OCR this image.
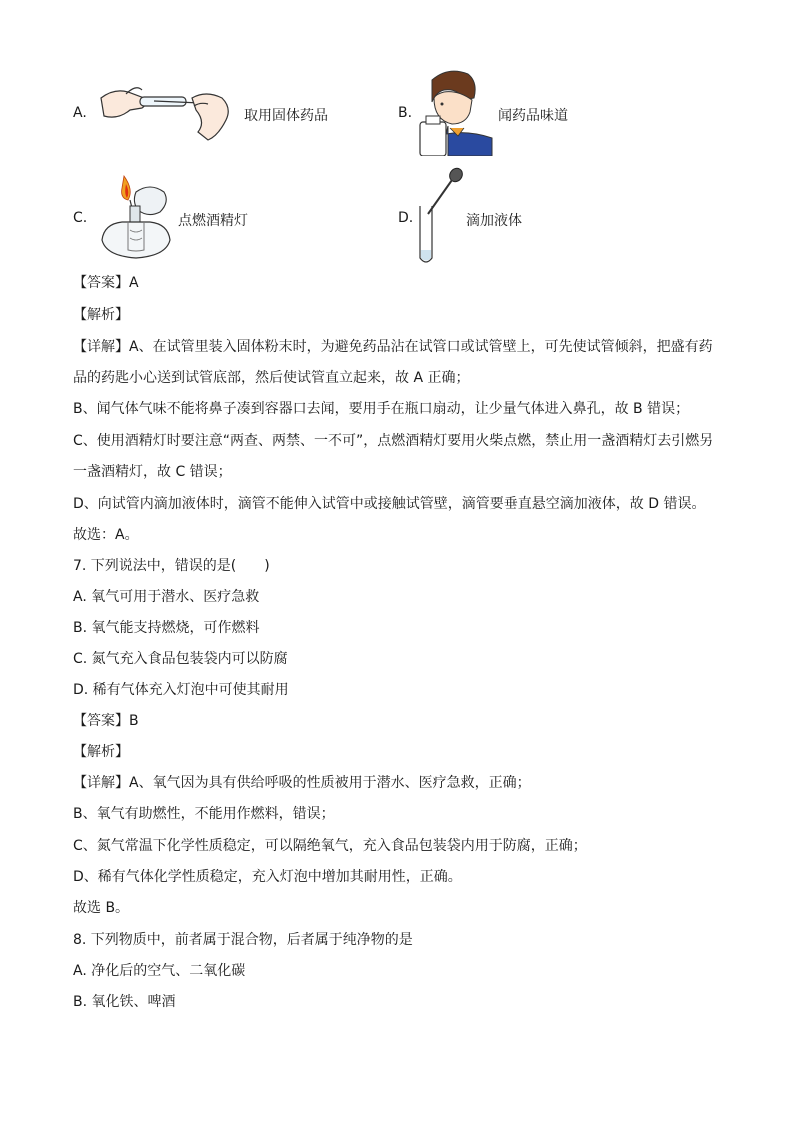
A.	取用固体药品	B.	闻药品味道
C.	点燃酒精灯	D.	滴加液体
【答案】A
【解析】
【详解】A、在试管里装入固体粉末时，为避免药品沾在试管口或试管壁上，可先使试管倾斜，把盛有药
品的药匙小心送到试管底部，然后使试管直立起来，故 A 正确；
B、闻气体气味不能将鼻子凑到容器口去闻，要用手在瓶口扇动，让少量气体进入鼻孔，故 B 错误；
C、使用酒精灯时要注意“两查、两禁、一不可”，点燃酒精灯要用火柴点燃，禁止用一盏酒精灯去引燃另
一盏酒精灯，故 C 错误；
D、向试管内滴加液体时，滴管不能伸入试管中或接触试管壁，滴管要垂直悬空滴加液体，故 D 错误。
故选：A。
7. 下列说法中，错误的是(　　)
A. 氧气可用于潜水、医疗急救
B. 氧气能支持燃烧，可作燃料
C. 氮气充入食品包装袋内可以防腐
D. 稀有气体充入灯泡中可使其耐用
【答案】B
【解析】
【详解】A、氧气因为具有供给呼吸的性质被用于潜水、医疗急救，正确；
B、氧气有助燃性，不能用作燃料，错误；
C、氮气常温下化学性质稳定，可以隔绝氧气，充入食品包装袋内用于防腐，正确；
D、稀有气体化学性质稳定，充入灯泡中增加其耐用性，正确。
故选 B。
8. 下列物质中，前者属于混合物，后者属于纯净物的是
A. 净化后的空气、二氧化碳
B. 氧化铁、啤酒
